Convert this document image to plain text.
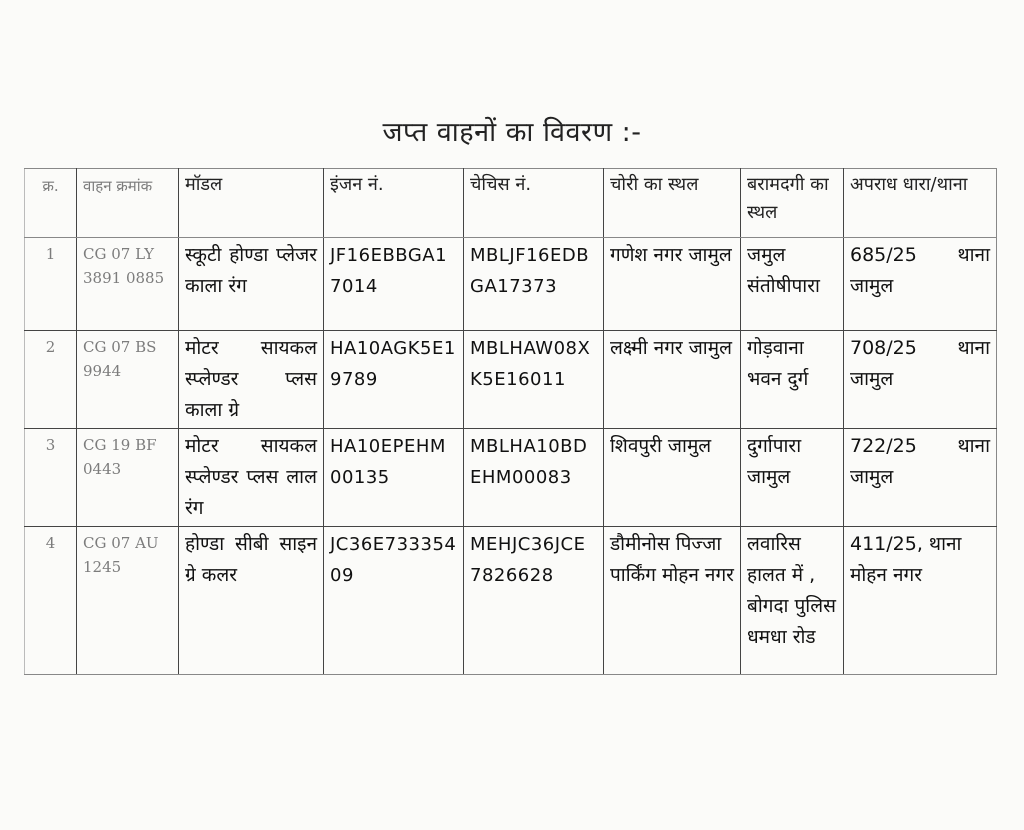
जप्त वाहनों का विवरण :-
क्र.	वाहन क्रमांक	मॉडल	इंजन नं.	चेचिस नं.	चोरी का स्थल	बरामदगी का स्थल	अपराध धारा/थाना
1	CG 07 LY 3891 0885	स्कूटी होण्डा प्लेजर काला रंग	JF16EBBGA17014	MBLJF16EDBGA17373	गणेश नगर जामुल	जमुल संतोषीपारा	685/25 थाना जामुल
2	CG 07 BS 9944	मोटर सायकल स्प्लेण्डर प्लस काला ग्रे	HA10AGK5E19789	MBLHAW08XK5E16011	लक्ष्मी नगर जामुल	गोड़वाना भवन दुर्ग	708/25 थाना जामुल
3	CG 19 BF 0443	मोटर सायकल स्प्लेण्डर प्लस लाल रंग	HA10EPEHM00135	MBLHA10BDEHM00083	शिवपुरी जामुल	दुर्गापारा जामुल	722/25 थाना जामुल
4	CG 07 AU 1245	होण्डा सीबी साइन ग्रे कलर	JC36E73335409	MEHJC36JCE7826628	डौमीनोस पिज्जा पार्किंग मोहन नगर	लवारिस हालत में , बोगदा पुलिस धमधा रोड	411/25, थाना मोहन नगर
